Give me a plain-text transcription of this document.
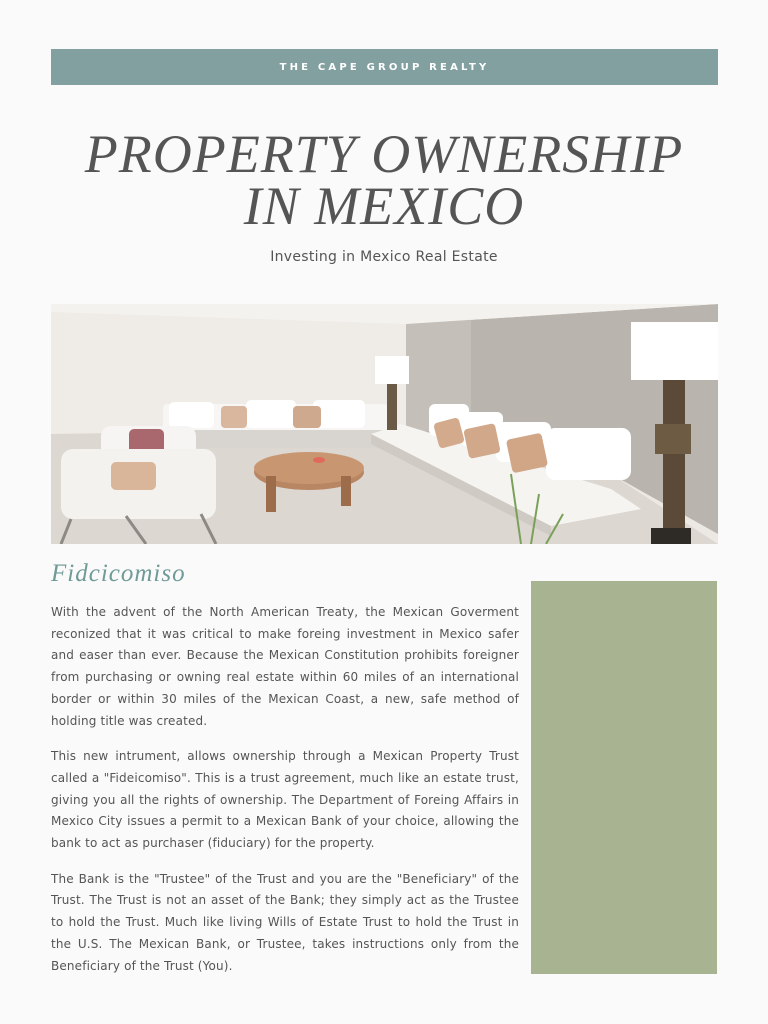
THE CAPE GROUP REALTY
PROPERTY OWNERSHIP
IN MEXICO
Investing in Mexico Real Estate
Fidcicomiso

With the advent of the North American Treaty, the Mexican Goverment reconized that it was critical to make foreing investment in Mexico safer and easer than ever. Because the Mexican Constitution prohibits foreigner from purchasing or owning real estate within 60 miles of an international border or within 30 miles of the Mexican Coast, a new, safe method of holding title was created.

This new intrument, allows ownership through a Mexican Property Trust called a "Fideicomiso". This is a trust agreement, much like an estate trust, giving you all the rights of ownership. The Department of Foreing Affairs in Mexico City issues a permit to a Mexican Bank of your choice, allowing the bank to act as purchaser (fiduciary) for the property.

The Bank is the "Trustee" of the Trust and you are the "Beneficiary" of the Trust. The Trust is not an asset of the Bank; they simply act as the Trustee to hold the Trust. Much like living Wills of Estate Trust to hold the Trust in the U.S. The Mexican Bank, or Trustee, takes instructions only from the Beneficiary of the Trust (You).
